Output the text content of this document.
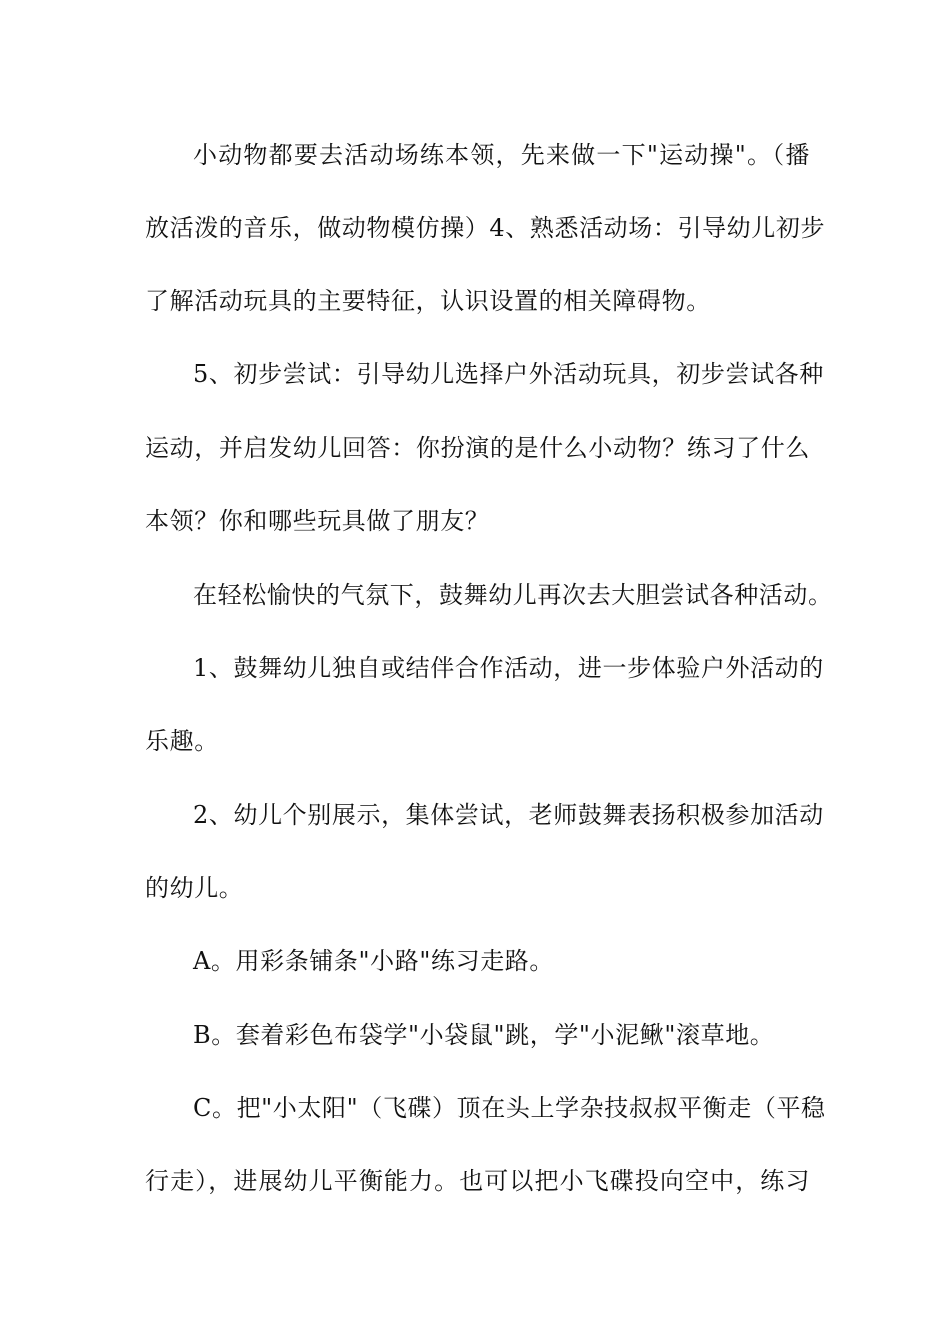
小动物都要去活动场练本领，先来做一下"运动操"。（播
放活泼的音乐，做动物模仿操）4、熟悉活动场：引导幼儿初步
了解活动玩具的主要特征，认识设置的相关障碍物。
5、初步尝试：引导幼儿选择户外活动玩具，初步尝试各种
运动，并启发幼儿回答：你扮演的是什么小动物？练习了什么
本领？你和哪些玩具做了朋友？
在轻松愉快的气氛下，鼓舞幼儿再次去大胆尝试各种活动。
1、鼓舞幼儿独自或结伴合作活动，进一步体验户外活动的
乐趣。
2、幼儿个别展示，集体尝试，老师鼓舞表扬积极参加活动
的幼儿。
A。用彩条铺条"小路"练习走路。
B。套着彩色布袋学"小袋鼠"跳，学"小泥鳅"滚草地。
C。把"小太阳"（飞碟）顶在头上学杂技叔叔平衡走（平稳
行走），进展幼儿平衡能力。也可以把小飞碟投向空中，练习
